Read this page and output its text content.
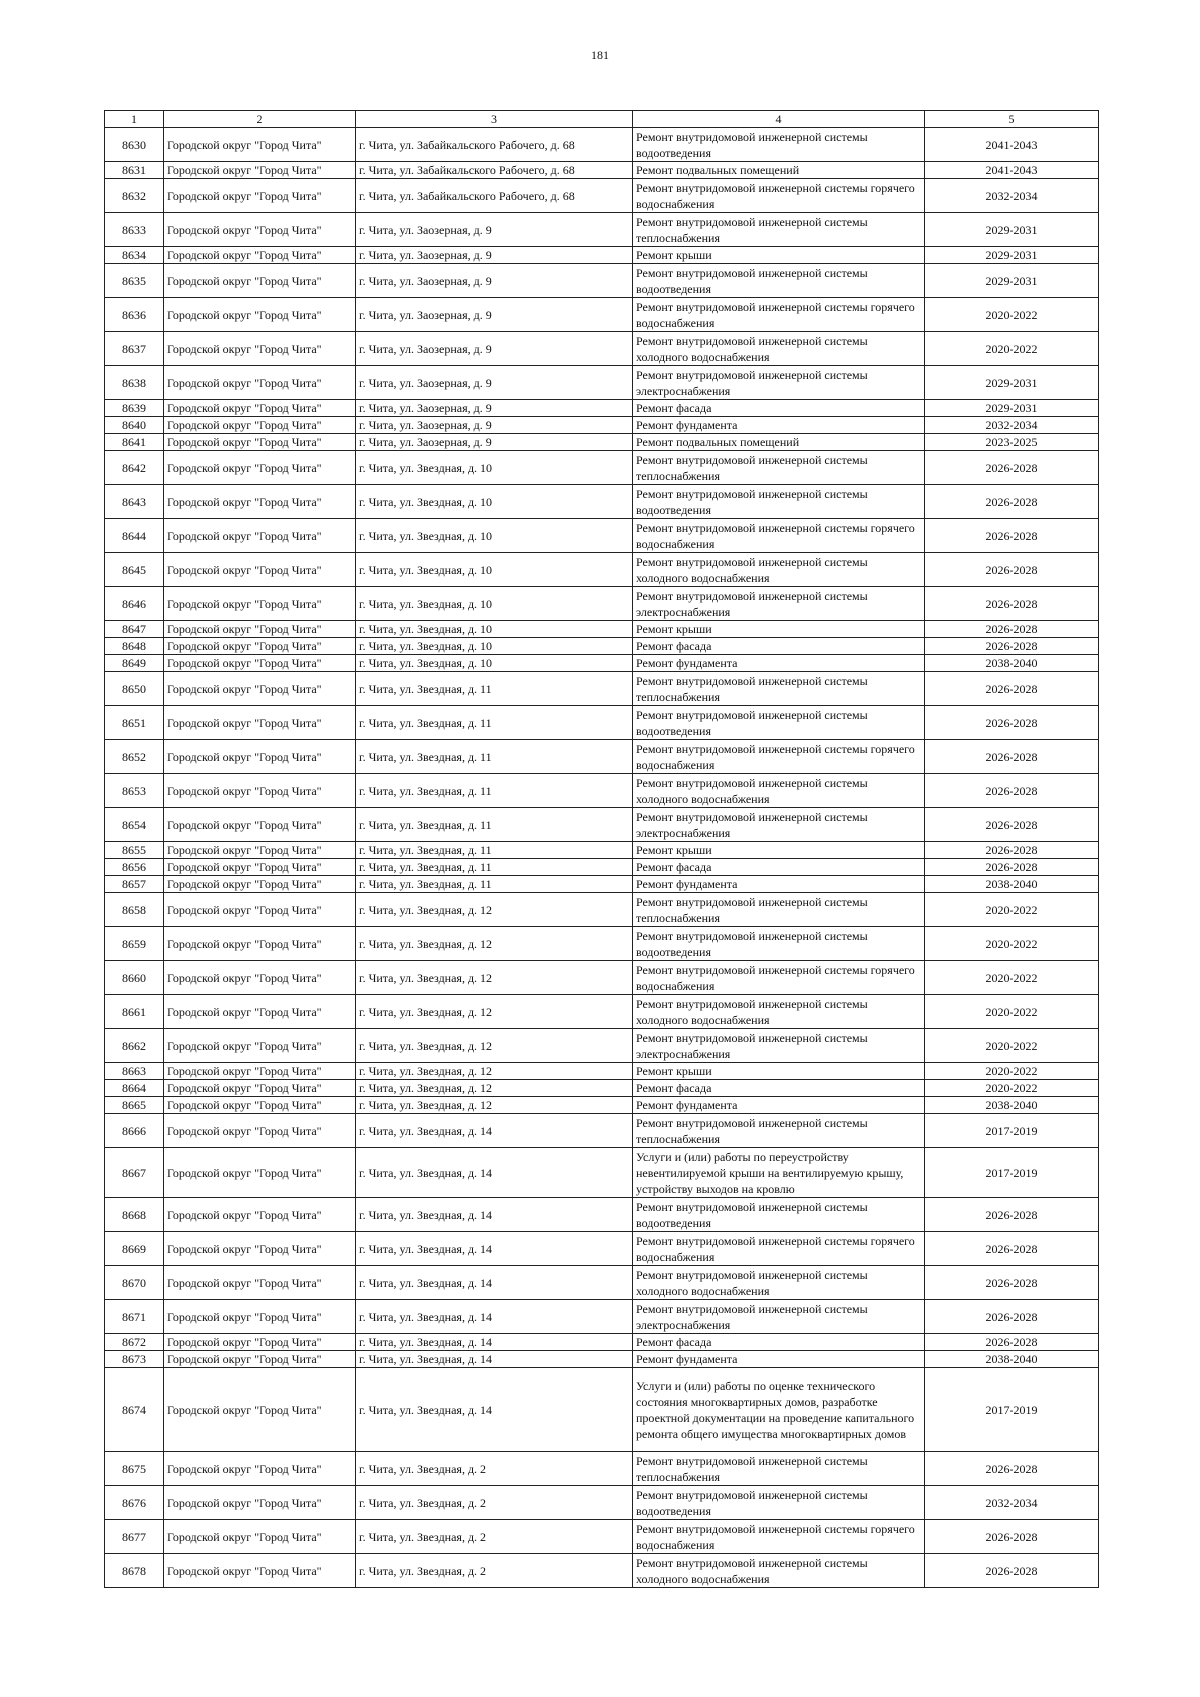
181
1	2	3	4	5
8630	Городской округ "Город Чита"	г. Чита, ул. Забайкальского Рабочего, д. 68	Ремонт внутридомовой инженерной системы водоотведения	2041-2043
8631	Городской округ "Город Чита"	г. Чита, ул. Забайкальского Рабочего, д. 68	Ремонт подвальных помещений	2041-2043
8632	Городской округ "Город Чита"	г. Чита, ул. Забайкальского Рабочего, д. 68	Ремонт внутридомовой инженерной системы горячего водоснабжения	2032-2034
8633	Городской округ "Город Чита"	г. Чита, ул. Заозерная, д. 9	Ремонт внутридомовой инженерной системы теплоснабжения	2029-2031
8634	Городской округ "Город Чита"	г. Чита, ул. Заозерная, д. 9	Ремонт крыши	2029-2031
8635	Городской округ "Город Чита"	г. Чита, ул. Заозерная, д. 9	Ремонт внутридомовой инженерной системы водоотведения	2029-2031
8636	Городской округ "Город Чита"	г. Чита, ул. Заозерная, д. 9	Ремонт внутридомовой инженерной системы горячего водоснабжения	2020-2022
8637	Городской округ "Город Чита"	г. Чита, ул. Заозерная, д. 9	Ремонт внутридомовой инженерной системы холодного водоснабжения	2020-2022
8638	Городской округ "Город Чита"	г. Чита, ул. Заозерная, д. 9	Ремонт внутридомовой инженерной системы электроснабжения	2029-2031
8639	Городской округ "Город Чита"	г. Чита, ул. Заозерная, д. 9	Ремонт фасада	2029-2031
8640	Городской округ "Город Чита"	г. Чита, ул. Заозерная, д. 9	Ремонт фундамента	2032-2034
8641	Городской округ "Город Чита"	г. Чита, ул. Заозерная, д. 9	Ремонт подвальных помещений	2023-2025
8642	Городской округ "Город Чита"	г. Чита, ул. Звездная, д. 10	Ремонт внутридомовой инженерной системы теплоснабжения	2026-2028
8643	Городской округ "Город Чита"	г. Чита, ул. Звездная, д. 10	Ремонт внутридомовой инженерной системы водоотведения	2026-2028
8644	Городской округ "Город Чита"	г. Чита, ул. Звездная, д. 10	Ремонт внутридомовой инженерной системы горячего водоснабжения	2026-2028
8645	Городской округ "Город Чита"	г. Чита, ул. Звездная, д. 10	Ремонт внутридомовой инженерной системы холодного водоснабжения	2026-2028
8646	Городской округ "Город Чита"	г. Чита, ул. Звездная, д. 10	Ремонт внутридомовой инженерной системы электроснабжения	2026-2028
8647	Городской округ "Город Чита"	г. Чита, ул. Звездная, д. 10	Ремонт крыши	2026-2028
8648	Городской округ "Город Чита"	г. Чита, ул. Звездная, д. 10	Ремонт фасада	2026-2028
8649	Городской округ "Город Чита"	г. Чита, ул. Звездная, д. 10	Ремонт фундамента	2038-2040
8650	Городской округ "Город Чита"	г. Чита, ул. Звездная, д. 11	Ремонт внутридомовой инженерной системы теплоснабжения	2026-2028
8651	Городской округ "Город Чита"	г. Чита, ул. Звездная, д. 11	Ремонт внутридомовой инженерной системы водоотведения	2026-2028
8652	Городской округ "Город Чита"	г. Чита, ул. Звездная, д. 11	Ремонт внутридомовой инженерной системы горячего водоснабжения	2026-2028
8653	Городской округ "Город Чита"	г. Чита, ул. Звездная, д. 11	Ремонт внутридомовой инженерной системы холодного водоснабжения	2026-2028
8654	Городской округ "Город Чита"	г. Чита, ул. Звездная, д. 11	Ремонт внутридомовой инженерной системы электроснабжения	2026-2028
8655	Городской округ "Город Чита"	г. Чита, ул. Звездная, д. 11	Ремонт крыши	2026-2028
8656	Городской округ "Город Чита"	г. Чита, ул. Звездная, д. 11	Ремонт фасада	2026-2028
8657	Городской округ "Город Чита"	г. Чита, ул. Звездная, д. 11	Ремонт фундамента	2038-2040
8658	Городской округ "Город Чита"	г. Чита, ул. Звездная, д. 12	Ремонт внутридомовой инженерной системы теплоснабжения	2020-2022
8659	Городской округ "Город Чита"	г. Чита, ул. Звездная, д. 12	Ремонт внутридомовой инженерной системы водоотведения	2020-2022
8660	Городской округ "Город Чита"	г. Чита, ул. Звездная, д. 12	Ремонт внутридомовой инженерной системы горячего водоснабжения	2020-2022
8661	Городской округ "Город Чита"	г. Чита, ул. Звездная, д. 12	Ремонт внутридомовой инженерной системы холодного водоснабжения	2020-2022
8662	Городской округ "Город Чита"	г. Чита, ул. Звездная, д. 12	Ремонт внутридомовой инженерной системы электроснабжения	2020-2022
8663	Городской округ "Город Чита"	г. Чита, ул. Звездная, д. 12	Ремонт крыши	2020-2022
8664	Городской округ "Город Чита"	г. Чита, ул. Звездная, д. 12	Ремонт фасада	2020-2022
8665	Городской округ "Город Чита"	г. Чита, ул. Звездная, д. 12	Ремонт фундамента	2038-2040
8666	Городской округ "Город Чита"	г. Чита, ул. Звездная, д. 14	Ремонт внутридомовой инженерной системы теплоснабжения	2017-2019
8667	Городской округ "Город Чита"	г. Чита, ул. Звездная, д. 14	Услуги и (или) работы по переустройству невентилируемой крыши на вентилируемую крышу, устройству выходов на кровлю	2017-2019
8668	Городской округ "Город Чита"	г. Чита, ул. Звездная, д. 14	Ремонт внутридомовой инженерной системы водоотведения	2026-2028
8669	Городской округ "Город Чита"	г. Чита, ул. Звездная, д. 14	Ремонт внутридомовой инженерной системы горячего водоснабжения	2026-2028
8670	Городской округ "Город Чита"	г. Чита, ул. Звездная, д. 14	Ремонт внутридомовой инженерной системы холодного водоснабжения	2026-2028
8671	Городской округ "Город Чита"	г. Чита, ул. Звездная, д. 14	Ремонт внутридомовой инженерной системы электроснабжения	2026-2028
8672	Городской округ "Город Чита"	г. Чита, ул. Звездная, д. 14	Ремонт фасада	2026-2028
8673	Городской округ "Город Чита"	г. Чита, ул. Звездная, д. 14	Ремонт фундамента	2038-2040
8674	Городской округ "Город Чита"	г. Чита, ул. Звездная, д. 14	Услуги и (или) работы по оценке технического состояния многоквартирных домов, разработке проектной документации на проведение капитального ремонта общего имущества многоквартирных домов	2017-2019
8675	Городской округ "Город Чита"	г. Чита, ул. Звездная, д. 2	Ремонт внутридомовой инженерной системы теплоснабжения	2026-2028
8676	Городской округ "Город Чита"	г. Чита, ул. Звездная, д. 2	Ремонт внутридомовой инженерной системы водоотведения	2032-2034
8677	Городской округ "Город Чита"	г. Чита, ул. Звездная, д. 2	Ремонт внутридомовой инженерной системы горячего водоснабжения	2026-2028
8678	Городской округ "Город Чита"	г. Чита, ул. Звездная, д. 2	Ремонт внутридомовой инженерной системы холодного водоснабжения	2026-2028
